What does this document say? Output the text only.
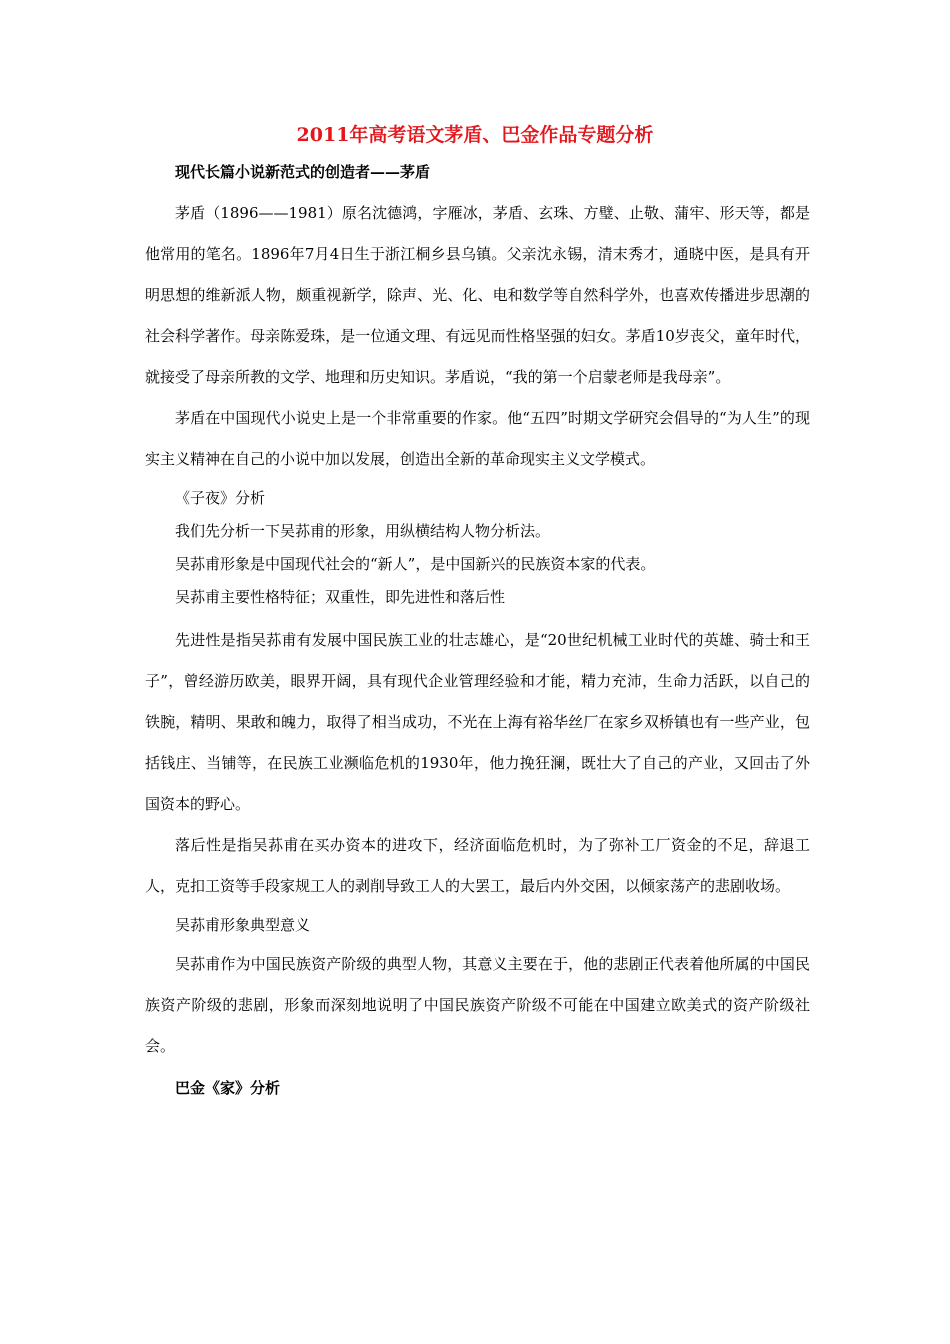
2011年高考语文茅盾、巴金作品专题分析
现代长篇小说新范式的创造者——茅盾

茅盾（1896——1981）原名沈德鸿，字雁冰，茅盾、玄珠、方璧、止敬、蒲牢、形天等，都是他常用的笔名。1896年7月4日生于浙江桐乡县乌镇。父亲沈永锡，清末秀才，通晓中医，是具有开明思想的维新派人物，颇重视新学，除声、光、化、电和数学等自然科学外，也喜欢传播进步思潮的社会科学著作。母亲陈爱珠，是一位通文理、有远见而性格坚强的妇女。茅盾10岁丧父，童年时代，就接受了母亲所教的文学、地理和历史知识。茅盾说，“我的第一个启蒙老师是我母亲”。

茅盾在中国现代小说史上是一个非常重要的作家。他“五四”时期文学研究会倡导的“为人生”的现实主义精神在自己的小说中加以发展，创造出全新的革命现实主义文学模式。

《子夜》分析

我们先分析一下吴荪甫的形象，用纵横结构人物分析法。

吴荪甫形象是中国现代社会的“新人”，是中国新兴的民族资本家的代表。

吴荪甫主要性格特征；双重性，即先进性和落后性

先进性是指吴荪甫有发展中国民族工业的壮志雄心，是“20世纪机械工业时代的英雄、骑士和王子”，曾经游历欧美，眼界开阔，具有现代企业管理经验和才能，精力充沛，生命力活跃，以自己的铁腕，精明、果敢和魄力，取得了相当成功，不光在上海有裕华丝厂在家乡双桥镇也有一些产业，包括钱庄、当铺等，在民族工业濒临危机的1930年，他力挽狂澜，既壮大了自己的产业，又回击了外国资本的野心。

落后性是指吴荪甫在买办资本的进攻下，经济面临危机时，为了弥补工厂资金的不足，辞退工人，克扣工资等手段家规工人的剥削导致工人的大罢工，最后内外交困，以倾家荡产的悲剧收场。

吴荪甫形象典型意义

吴荪甫作为中国民族资产阶级的典型人物，其意义主要在于，他的悲剧正代表着他所属的中国民族资产阶级的悲剧，形象而深刻地说明了中国民族资产阶级不可能在中国建立欧美式的资产阶级社会。

巴金《家》分析
